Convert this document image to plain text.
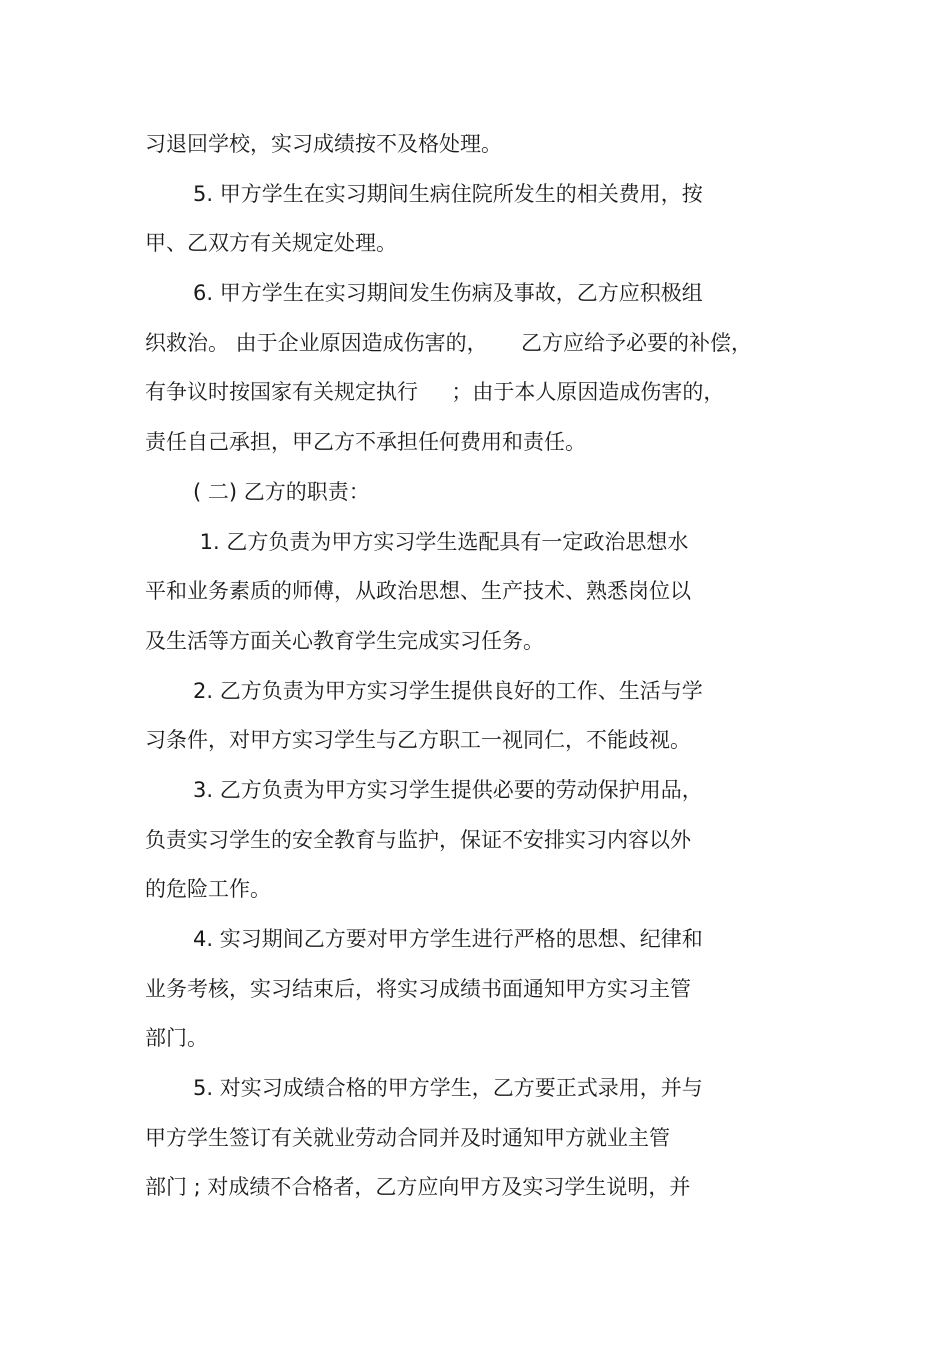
习退回学校，实习成绩按不及格处理。

5. 甲方学生在实习期间生病住院所发生的相关费用，按

甲、乙双方有关规定处理。

6. 甲方学生在实习期间发生伤病及事故，乙方应积极组

织救治。 由于企业原因造成伤害的，     乙方应给予必要的补偿，

有争议时按国家有关规定执行     ；由于本人原因造成伤害的，

责任自己承担，甲乙方不承担任何费用和责任。

( 二) 乙方的职责：

1. 乙方负责为甲方实习学生选配具有一定政治思想水

平和业务素质的师傅，从政治思想、生产技术、熟悉岗位以

及生活等方面关心教育学生完成实习任务。

2. 乙方负责为甲方实习学生提供良好的工作、生活与学

习条件，对甲方实习学生与乙方职工一视同仁，不能歧视。

3. 乙方负责为甲方实习学生提供必要的劳动保护用品，

负责实习学生的安全教育与监护，保证不安排实习内容以外

的危险工作。

4. 实习期间乙方要对甲方学生进行严格的思想、纪律和

业务考核，实习结束后，将实习成绩书面通知甲方实习主管

部门。

5. 对实习成绩合格的甲方学生，乙方要正式录用，并与

甲方学生签订有关就业劳动合同并及时通知甲方就业主管

部门 ; 对成绩不合格者，乙方应向甲方及实习学生说明，并
